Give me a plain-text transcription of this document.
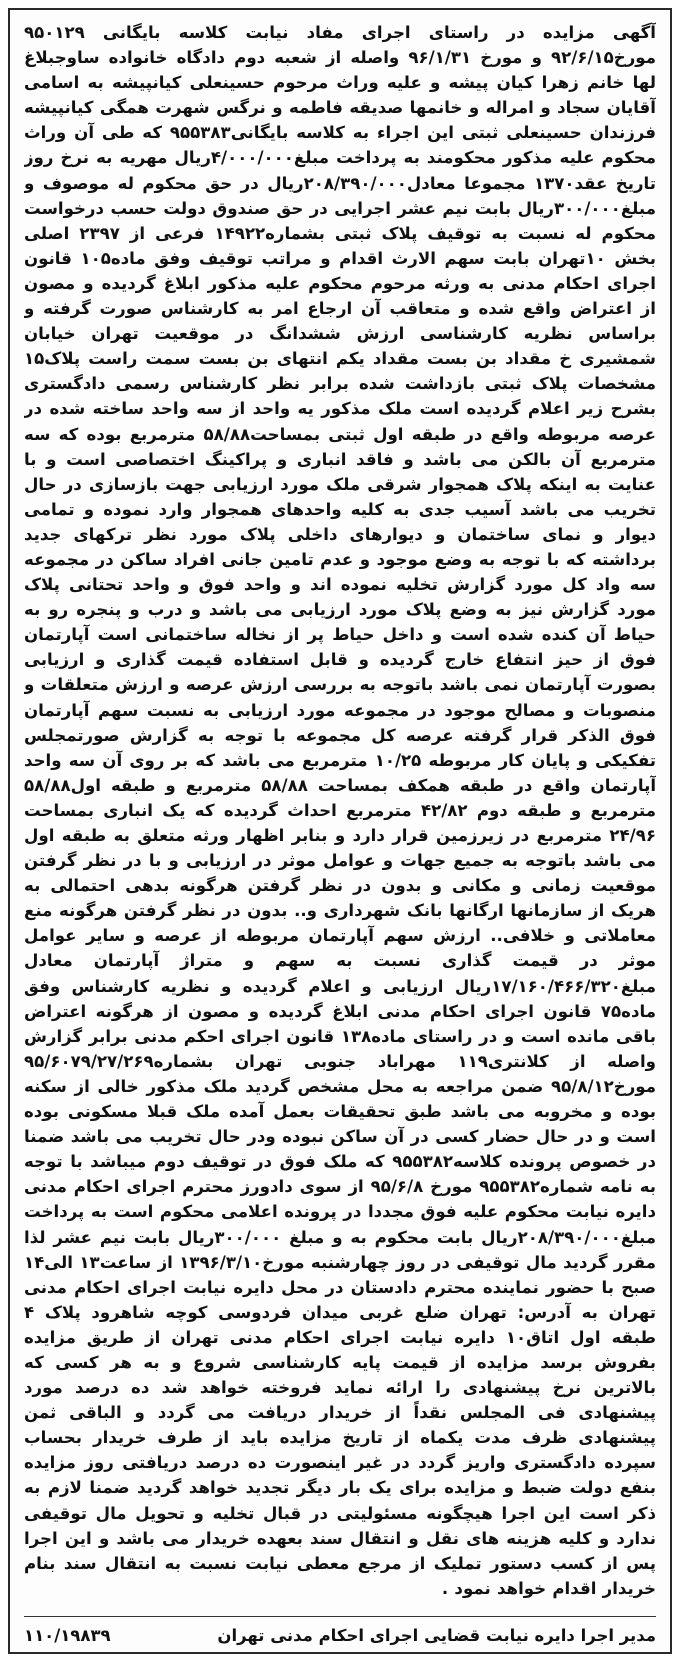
آگهی مزایده در راستای اجرای مفاد نیابت کلاسه بایگانی ۹۵۰۱۲۹ مورخ۹۲/۶/۱۵ و مورخ ۹۶/۱/۳۱ واصله از شعبه دوم دادگاه خانواده ساوجبلاغ لها خانم زهرا کیان پیشه و علیه وراث مرحوم حسینعلی کیانپیشه به اسامی آقایان سجاد و امراله و خانمها صدیقه فاطمه و نرگس شهرت همگی کیانپیشه فرزندان حسینعلی ثبتی این اجراء به کلاسه بایگانی۹۵۵۳۸۳ که طی آن وراث محکوم علیه مذکور محکومند به پرداخت مبلغ۴/۰۰۰/۰۰۰ریال مهریه به نرخ روز تاریخ عقد۱۳۷۰ مجموعا معادل۲۰۸/۳۹۰/۰۰۰ریال در حق محکوم له موصوف و مبلغ۳۰۰/۰۰۰ریال بابت نیم عشر اجرایی در حق صندوق دولت حسب درخواست محکوم له نسبت به توقیف پلاک ثبتی بشماره۱۴۹۲۲ فرعی از ۲۳۹۷ اصلی بخش ۱۰تهران بابت سهم الارث اقدام و مراتب توقیف وفق ماده۱۰۵ قانون اجرای احکام مدنی به ورثه مرحوم محکوم علیه مذکور ابلاغ گردیده و مصون از اعتراض واقع شده و متعاقب آن ارجاع امر به کارشناس صورت گرفته و براساس نظریه کارشناسی ارزش ششدانگ در موقعیت تهران خیابان شمشیری خ مقداد بن بست مقداد یکم انتهای بن بست سمت راست پلاک۱۵ مشخصات پلاک ثبتی بازداشت شده برابر نظر کارشناس رسمی دادگستری بشرح زیر اعلام گردیده است ملک مذکور یه واحد از سه واحد ساخته شده در عرصه مربوطه واقع در طبقه اول ثبتی بمساحت۵۸/۸۸ مترمربع بوده که سه مترمربع آن بالکن می باشد و فاقد انباری و پراکینگ اختصاصی است و با عنایت به اینکه پلاک همجوار شرقی ملک مورد ارزیابی جهت بازسازی در حال تخریب می باشد آسیب جدی به کلیه واحدهای همجوار وارد نموده و تمامی دیوار و نمای ساختمان و دیوارهای داخلی پلاک مورد نظر ترکهای جدید برداشته که با توجه به وضع موجود و عدم تامین جانی افراد ساکن در مجموعه سه واد کل مورد گزارش تخلیه نموده اند و واحد فوق و واحد تحتانی پلاک مورد گزارش نیز به وضع پلاک مورد ارزیابی می باشد و درب و پنجره رو به حیاط آن کنده شده است و داخل حیاط پر از نخاله ساختمانی است آپارتمان فوق از حیز انتفاع خارج گردیده و قابل استفاده قیمت گذاری و ارزیابی بصورت آپارتمان نمی باشد باتوجه به بررسی ارزش عرصه و ارزش متعلقات و منصوبات و مصالح موجود در مجموعه مورد ارزیابی به نسبت سهم آپارتمان فوق الذکر قرار گرفته عرصه کل مجموعه با توجه به گزارش صورتمجلس تفکیکی و پایان کار مربوطه ۱۰/۲۵ مترمربع می باشد که بر روی آن سه واحد آپارتمان واقع در طبقه همکف بمساحت ۵۸/۸۸ مترمربع و طبقه اول۵۸/۸۸ مترمربع و طبقه دوم ۴۲/۸۲ مترمربع احداث گردیده که یک انباری بمساحت ۲۴/۹۶ مترمربع در زیرزمین قرار دارد و بنابر اظهار ورثه متعلق به طبقه اول می باشد باتوجه به جمیع جهات و عوامل موثر در ارزیابی و با در نظر گرفتن موقعیت زمانی و مکانی و بدون در نظر گرفتن هرگونه بدهی احتمالی به هریک از سازمانها ارگانها بانک شهرداری و.. بدون در نظر گرفتن هرگونه منع معاملاتی و خلافی.. ارزش سهم آپارتمان مربوطه از عرصه و سایر عوامل موثر در قیمت گذاری نسبت به سهم و متراژ آپارتمان معادل مبلغ۱۷/۱۶۰/۴۶۶/۳۲۰ریال ارزیابی و اعلام گردیده و نظریه کارشناس وفق ماده۷۵ قانون اجرای احکام مدنی ابلاغ گردیده و مصون از هرگونه اعتراض باقی مانده است و در راستای ماده۱۳۸ قانون اجرای احکم مدنی برابر گزارش واصله از کلانتری۱۱۹ مهراباد جنوبی تهران بشماره۹۵/۶۰۷۹/۲۷/۲۶۹ مورخ۹۵/۸/۱۲ ضمن مراجعه به محل مشخص گردید ملک مذکور خالی از سکنه بوده و مخروبه می باشد طبق تحقیقات بعمل آمده ملک قبلا مسکونی بوده است و در حال حضار کسی در آن ساکن نبوده ودر حال تخریب می باشد ضمنا در خصوص پرونده کلاسه۹۵۵۳۸۲ که ملک فوق در توقیف دوم میباشد با توجه به نامه شماره۹۵۵۳۸۲ مورخ ۹۵/۶/۸ از سوی دادورز محترم اجرای احکام مدنی دایره نیابت محکوم علیه فوق مجددا در پرونده اعلامی محکوم است به پرداخت مبلغ۲۰۸/۳۹۰/۰۰۰ریال بابت محکوم به و مبلغ ۳۰۰/۰۰۰ریال بابت نیم عشر لذا مقرر گردید مال توقیفی در روز چهارشنبه مورخ۱۳۹۶/۳/۱۰ از ساعت۱۳ الی۱۴ صبح با حضور نماینده محترم دادستان در محل دایره نیابت اجرای احکام مدنی تهران به آدرس: تهران ضلع غربی میدان فردوسی کوچه شاهرود پلاک ۴ طبقه اول اتاق۱۰ دایره نیابت اجرای احکام مدنی تهران از طریق مزایده بفروش برسد مزایده از قیمت پایه کارشناسی شروع و به هر کسی که بالاترین نرخ پیشنهادی را ارائه نماید فروخته خواهد شد ده درصد مورد پیشنهادی فی المجلس نقداً از خریدار دریافت می گردد و الباقی ثمن پیشنهادی ظرف مدت یکماه از تاریخ مزایده باید از طرف خریدار بحساب سپرده دادگستری واریز گردد در غیر اینصورت ده درصد دریافتی روز مزایده بنفع دولت ضبط و مزایده برای یک بار دیگر تجدید خواهد گردید ضمنا لازم به ذکر است این اجرا هیچگونه مسئولیتی در قبال تخلیه و تحویل مال توقیفی ندارد و کلیه هزینه های نقل و انتقال سند بعهده خریدار می باشد و این اجرا پس از کسب دستور تملیک از مرجع معطی نیابت نسبت به انتقال سند بنام خریدار اقدام خواهد نمود .

۱۱۰/۱۹۸۳۹	مدیر اجرا دایره نیابت قضایی اجرای احکام مدنی تهران
